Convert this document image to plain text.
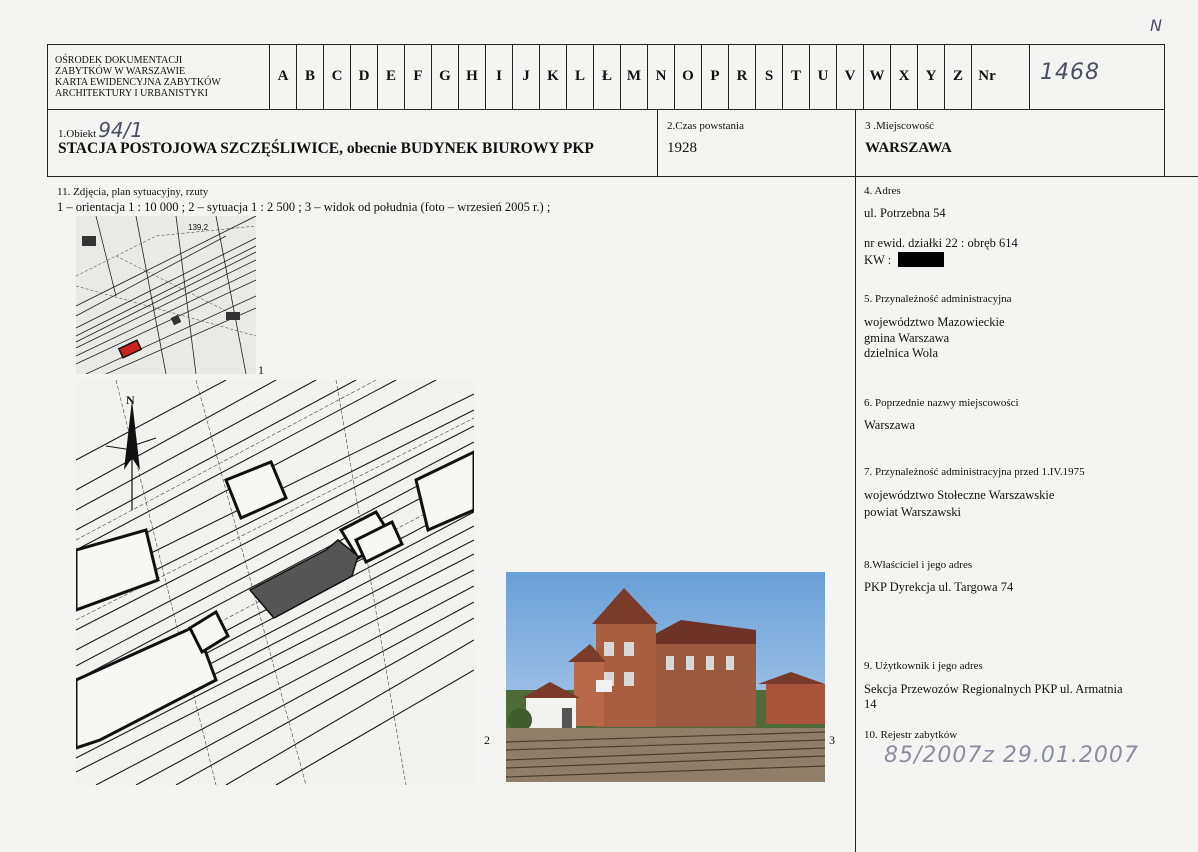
N
OŚRODEK DOKUMENTACJI
ZABYTKÓW W WARSZAWIE
KARTA EWIDENCYJNA ZABYTKÓW
ARCHITEKTURY I URBANISTYKI
A	B	C	D	E	F	G	H	I	J	K	L	Ł M N	O	P	R	S	T	U	V W X	Y	Z	Nr 1468
1.Obiekt 94/1
STACJA POSTOJOWA SZCZĘŚLIWICE, obecnie BUDYNEK BIUROWY PKP
2.Czas powstania
1928
3 .Miejscowość
WARSZAWA
11. Zdjęcia, plan sytuacyjny, rzuty
1 – orientacja 1 : 10 000 ; 2 – sytuacja 1 : 2 500 ; 3 – widok od południa (foto – wrzesień 2005 r.) ;
139,2
1
N
2	3
4. Adres
ul. Potrzebna 54
nr ewid. działki 22 : obręb 614
KW :
5. Przynależność administracyjna
województwo Mazowieckie
gmina Warszawa
dzielnica Wola
6. Poprzednie nazwy miejscowości
Warszawa
7. Przynależność administracyjna przed 1.IV.1975
województwo Stołeczne Warszawskie
powiat Warszawski
8.Właściciel i jego adres
PKP Dyrekcja ul. Targowa 74
9. Użytkownik i jego adres
Sekcja Przewozów Regionalnych PKP ul. Armatnia
14
10. Rejestr zabytków
85/2007z 29.01.2007
